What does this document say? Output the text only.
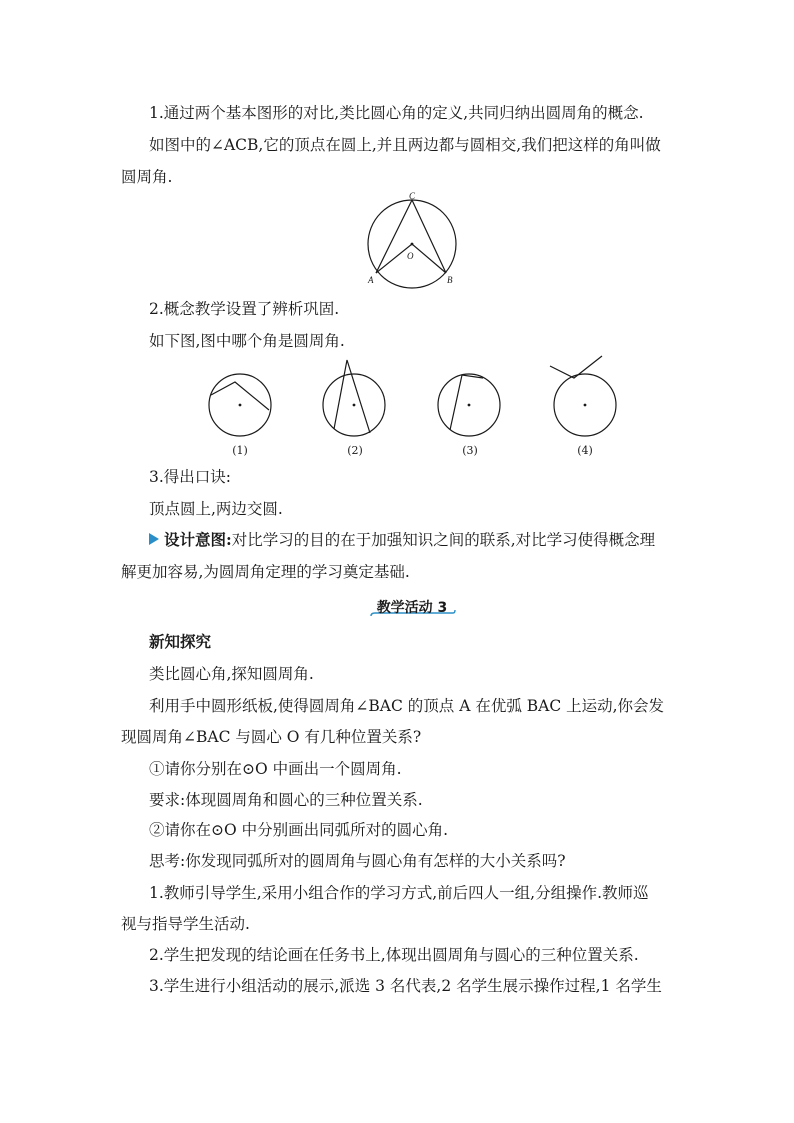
1.通过两个基本图形的对比,类比圆心角的定义,共同归纳出圆周角的概念.
如图中的∠ACB,它的顶点在圆上,并且两边都与圆相交,我们把这样的角叫做
圆周角.
C
O
A	B
2.概念教学设置了辨析巩固.
如下图,图中哪个角是圆周角.
(1)	(2)	(3)	(4)
3.得出口诀:
顶点圆上,两边交圆.
设计意图:对比学习的目的在于加强知识之间的联系,对比学习使得概念理
解更加容易,为圆周角定理的学习奠定基础.
教学活动 3
新知探究
类比圆心角,探知圆周角.
利用手中圆形纸板,使得圆周角∠BAC 的顶点 A 在优弧 BAC 上运动,你会发
现圆周角∠BAC 与圆心 O 有几种位置关系?
①请你分别在⊙O 中画出一个圆周角.
要求:体现圆周角和圆心的三种位置关系.
②请你在⊙O 中分别画出同弧所对的圆心角.
思考:你发现同弧所对的圆周角与圆心角有怎样的大小关系吗?
1.教师引导学生,采用小组合作的学习方式,前后四人一组,分组操作.教师巡
视与指导学生活动.
2.学生把发现的结论画在任务书上,体现出圆周角与圆心的三种位置关系.
3.学生进行小组活动的展示,派选 3 名代表,2 名学生展示操作过程,1 名学生
